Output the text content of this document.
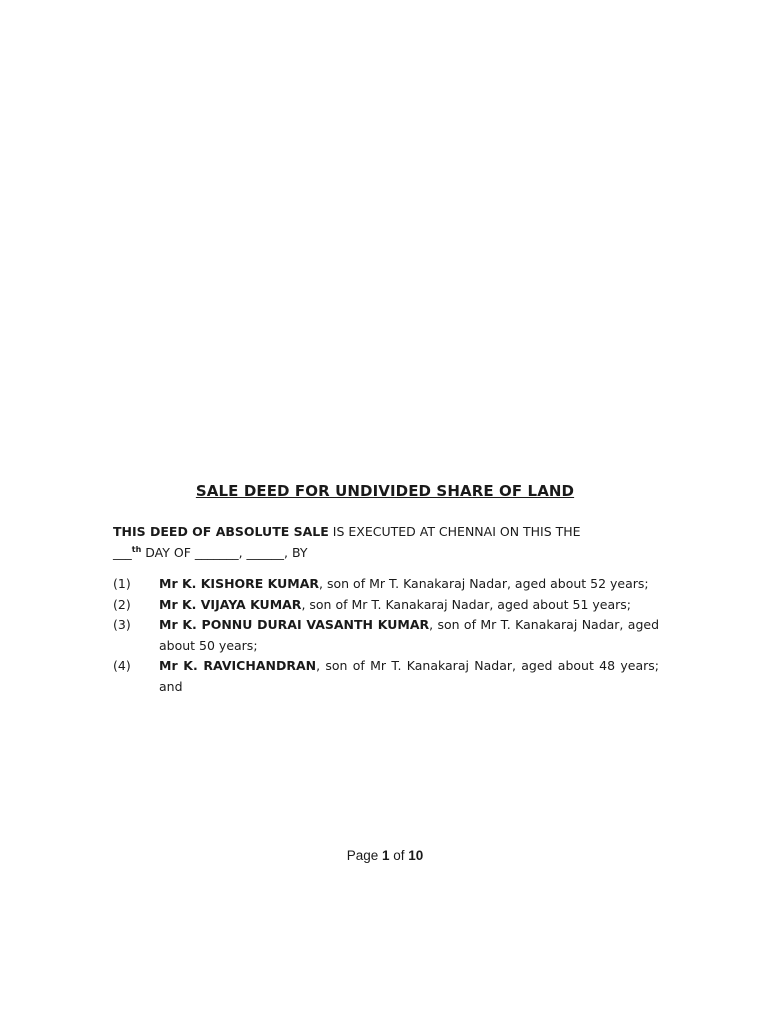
SALE DEED FOR UNDIVIDED SHARE OF LAND
THIS DEED OF ABSOLUTE SALE IS EXECUTED AT CHENNAI ON THIS THE
___$^{th}$ DAY OF _______, ______, BY
(1)	Mr K. KISHORE KUMAR, son of Mr T. Kanakaraj Nadar, aged about 52 years;
(2)	Mr K. VIJAYA KUMAR, son of Mr T. Kanakaraj Nadar, aged about 51 years;
(3)	Mr K. PONNU DURAI VASANTH KUMAR, son of Mr T. Kanakaraj Nadar, aged about 50 years;
(4)	Mr K. RAVICHANDRAN, son of Mr T. Kanakaraj Nadar, aged about 48 years; and
Page 1 of 10
